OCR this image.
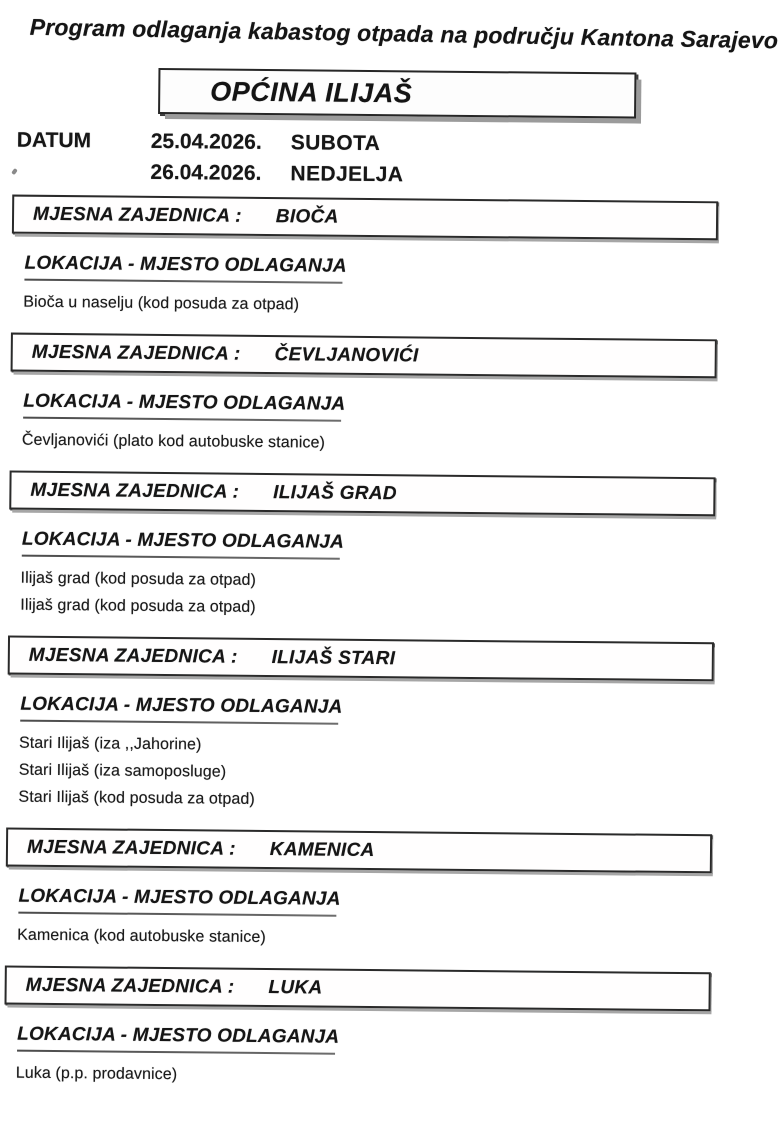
Program odlaganja kabastog otpada na području Kantona Sarajevo
OPĆINA ILIJAŠ
DATUM	25.04.2026.	SUBOTA
26.04.2026.	NEDJELJA
MJESNA ZAJEDNICA : BIOČA
LOKACIJA - MJESTO ODLAGANJA
Bioča u naselju (kod posuda za otpad)
MJESNA ZAJEDNICA : ČEVLJANOVIĆI
LOKACIJA - MJESTO ODLAGANJA
Čevljanovići (plato kod autobuske stanice)
MJESNA ZAJEDNICA : ILIJAŠ GRAD
LOKACIJA - MJESTO ODLAGANJA
Ilijaš grad (kod posuda za otpad)
Ilijaš grad (kod posuda za otpad)
MJESNA ZAJEDNICA : ILIJAŠ STARI
LOKACIJA - MJESTO ODLAGANJA
Stari Ilijaš (iza ,,Jahorine)
Stari Ilijaš (iza samoposluge)
Stari Ilijaš (kod posuda za otpad)
MJESNA ZAJEDNICA : KAMENICA
LOKACIJA - MJESTO ODLAGANJA
Kamenica (kod autobuske stanice)
MJESNA ZAJEDNICA : LUKA
LOKACIJA - MJESTO ODLAGANJA
Luka (p.p. prodavnice)
